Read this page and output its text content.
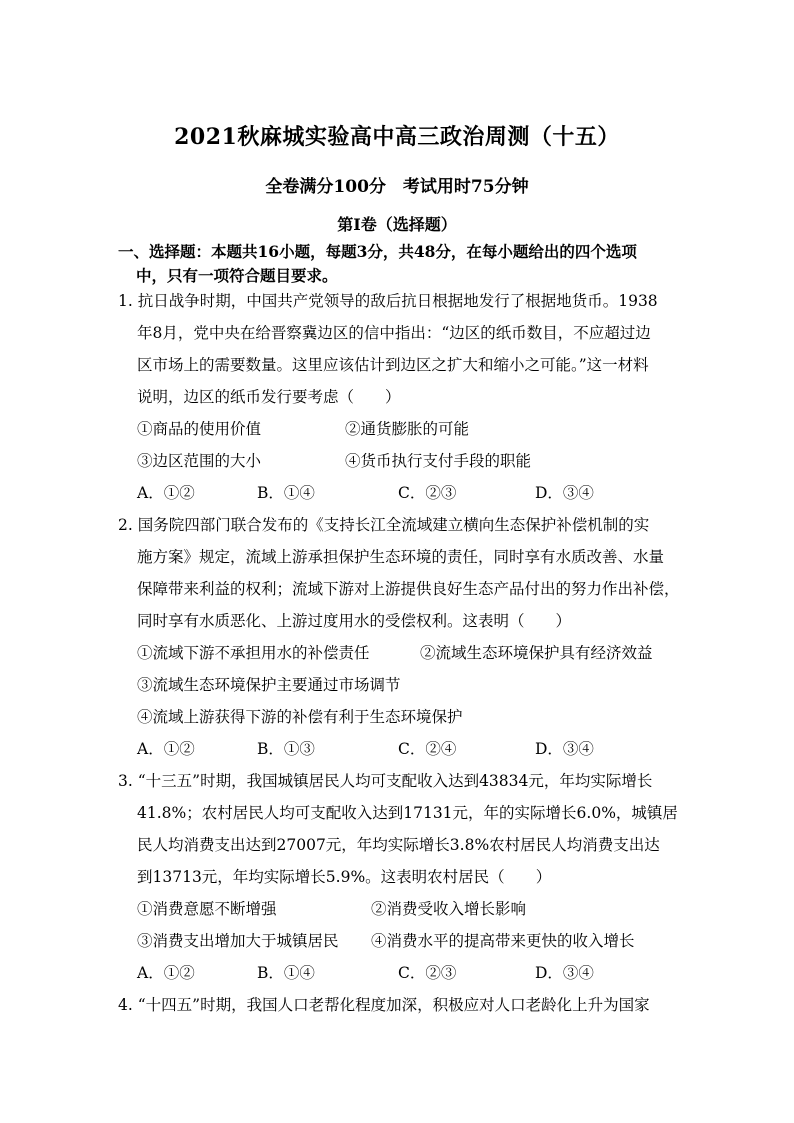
2021秋麻城实验高中高三政治周测（十五）
全卷满分100分　考试用时75分钟
第Ⅰ卷（选择题）
一、选择题：本题共16小题，每题3分，共48分，在每小题给出的四个选项
中，只有一项符合题目要求。
1. 抗日战争时期，中国共产党领导的敌后抗日根据地发行了根据地货币。1938
年8月，党中央在给晋察冀边区的信中指出：“边区的纸币数目，不应超过边
区市场上的需要数量。这里应该估计到边区之扩大和缩小之可能。”这一材料
说明，边区的纸币发行要考虑（　　）
①商品的使用价值	②通货膨胀的可能
③边区范围的大小	④货币执行支付手段的职能
A．①②	B．①④	C．②③	D．③④
2. 国务院四部门联合发布的《支持长江全流域建立横向生态保护补偿机制的实
施方案》规定，流域上游承担保护生态环境的责任，同时享有水质改善、水量
保障带来利益的权利；流域下游对上游提供良好生态产品付出的努力作出补偿，
同时享有水质恶化、上游过度用水的受偿权利。这表明（　　）
①流域下游不承担用水的补偿责任	②流域生态环境保护具有经济效益
③流域生态环境保护主要通过市场调节
④流域上游获得下游的补偿有利于生态环境保护
A．①②	B．①③	C．②④	D．③④
3. “十三五”时期，我国城镇居民人均可支配收入达到43834元，年均实际增长
41.8%；农村居民人均可支配收入达到17131元，年的实际增长6.0%，城镇居
民人均消费支出达到27007元，年均实际增长3.8%农村居民人均消费支出达
到13713元，年均实际增长5.9%。这表明农村居民（　　）
①消费意愿不断增强	②消费受收入增长影响
③消费支出增加大于城镇居民 ④消费水平的提高带来更快的收入增长
A．①②	B．①④	C．②③	D．③④
4. “十四五”时期，我国人口老帮化程度加深，积极应对人口老龄化上升为国家
